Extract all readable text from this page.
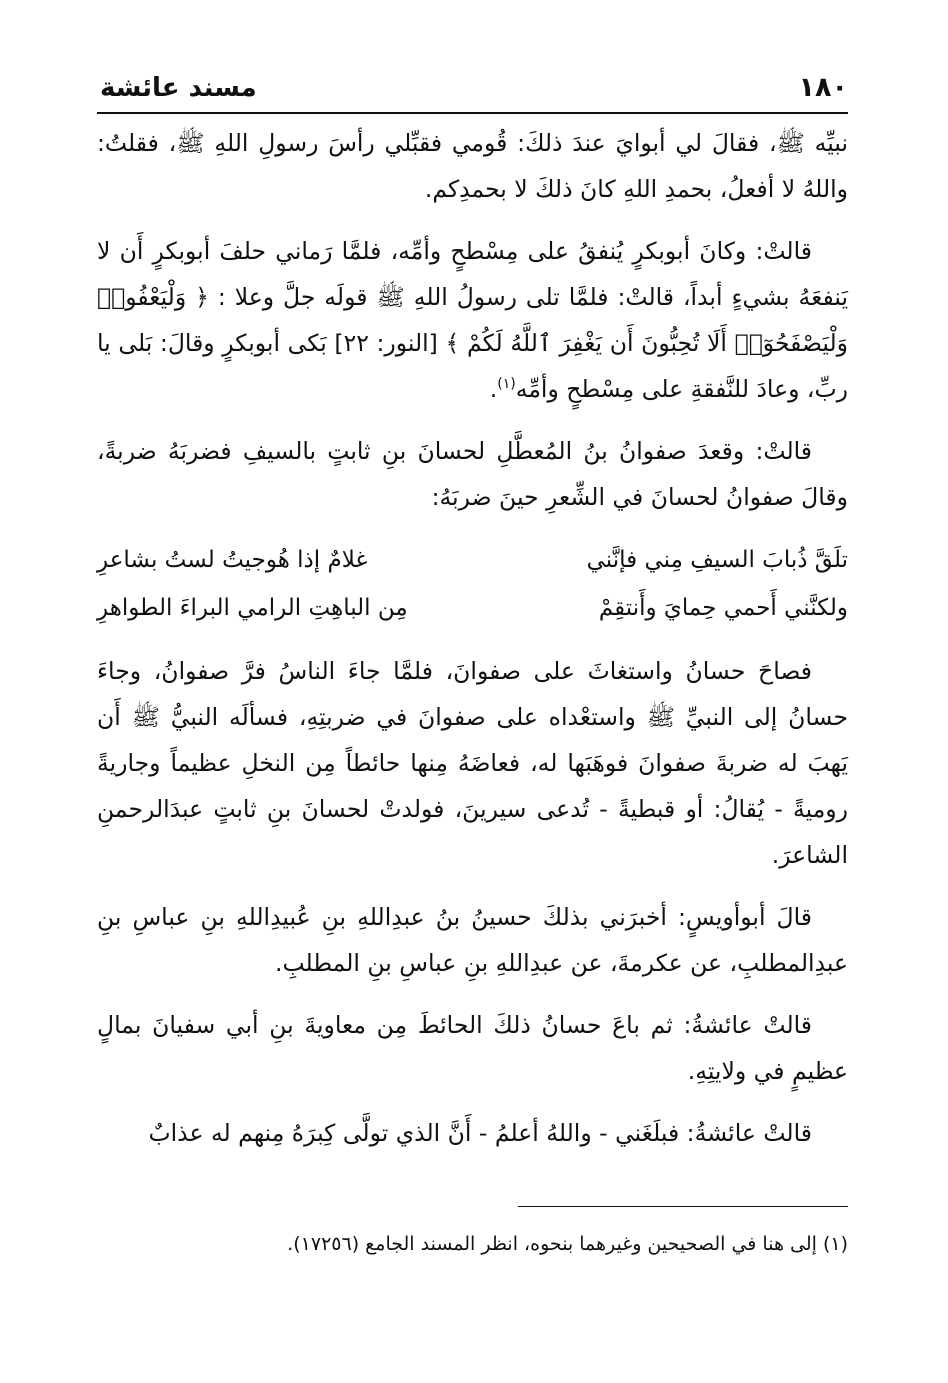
١٨٠
مسند عائشة

نبيِّه ﷺ، فقالَ لي أبوايَ عندَ ذلكَ: قُومي فقبِّلي رأسَ رسولِ اللهِ ﷺ، فقلتُ: واللهُ لا أفعلُ، بحمدِ اللهِ كانَ ذلكَ لا بحمدِكم.

قالتْ: وكانَ أبوبكرٍ يُنفقُ على مِسْطحٍ وأمِّه، فلمَّا رَماني حلفَ أبوبكرٍ أَن لا يَنفعَهُ بشيءٍ أبداً، قالتْ: فلمَّا تلى رسولُ اللهِ ﷺ قولَه جلَّ وعلا : ﴿ وَلْيَعْفُوا۟ وَلْيَصْفَحُوٓا۟ أَلَا تُحِبُّونَ أَن يَغْفِرَ ٱللَّهُ لَكُمْ ﴾ [النور: ٢٢] بَكى أبوبكرٍ وقالَ: بَلى يا ربِّ، وعادَ للنَّفقةِ على مِسْطحٍ وأمِّه$^{(١)}$.

قالتْ: وقعدَ صفوانُ بنُ المُعطَّلِ لحسانَ بنِ ثابتٍ بالسيفِ فضربَهُ ضربةً، وقالَ صفوانُ لحسانَ في الشِّعرِ حينَ ضربَهُ:

تلَقَّ ذُبابَ السيفِ مِني فإنَّني
غلامٌ إذا هُوجيتُ لستُ بشاعرِ
ولكنَّني أَحمي حِمايَ وأَنتقِمْ
مِن الباهِتِ الرامي البراءَ الطواهرِ

فصاحَ حسانُ واستغاثَ على صفوانَ، فلمَّا جاءَ الناسُ فرَّ صفوانُ، وجاءَ حسانُ إلى النبيِّ ﷺ واستعْداه على صفوانَ في ضربتِهِ، فسألَه النبيُّ ﷺ أَن يَهبَ له ضربةَ صفوانَ فوهَبَها له، فعاضَهُ مِنها حائطاً مِن النخلِ عظيماً وجاريةً روميةً - يُقالُ: أو قبطيةً - تُدعى سيرينَ، فولدتْ لحسانَ بنِ ثابتٍ عبدَالرحمنِ الشاعرَ.

قالَ أبوأويسٍ: أخبرَني بذلكَ حسينُ بنُ عبدِاللهِ بنِ عُبيدِاللهِ بنِ عباسِ بنِ عبدِالمطلبِ، عن عكرمةَ، عن عبدِاللهِ بنِ عباسِ بنِ المطلبِ.

قالتْ عائشةُ: ثم باعَ حسانُ ذلكَ الحائطَ مِن معاويةَ بنِ أبي سفيانَ بمالٍ عظيمٍ في ولايتِهِ.

قالتْ عائشةُ: فبلَغَني - واللهُ أعلمُ - أَنَّ الذي تولَّى كِبرَهُ مِنهم له عذابٌ

(١) إلى هنا في الصحيحين وغيرهما بنحوه، انظر المسند الجامع (١٧٢٥٦).
